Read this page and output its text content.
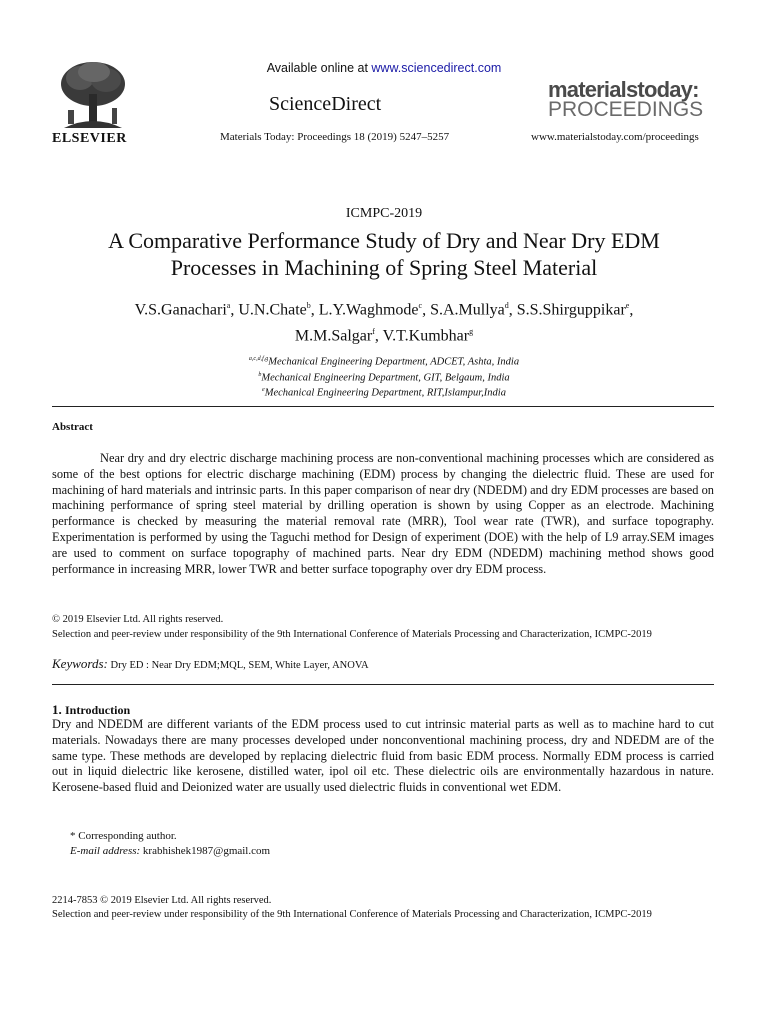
ELSEVIER
Available online at www.sciencedirect.com
ScienceDirect
Materials Today: Proceedings 18 (2019) 5247–5257
materialstoday:
PROCEEDINGS
www.materialstoday.com/proceedings
ICMPC-2019
A Comparative Performance Study of Dry and Near Dry EDM
Processes in Machining of Spring Steel Material
V.S.Ganachari$^a$, U.N.Chate$^b$, L.Y.Waghmode$^c$, S.A.Mullya$^d$, S.S.Shirguppikar$^e$,
M.M.Salgar$^f$, V.T.Kumbhar$^g$
$^{a,c,d,f,g}$Mechanical Engineering Department, ADCET, Ashta, India
$^b$Mechanical Engineering Department, GIT, Belgaum, India
$^e$Mechanical Engineering Department, RIT,Islampur,India
Abstract
Near dry and dry electric discharge machining process are non-conventional machining processes which are considered as some of the best options for electric discharge machining (EDM) process by changing the dielectric fluid. These are used for machining of hard materials and intrinsic parts. In this paper comparison of near dry (NDEDM) and dry EDM processes are based on machining performance of spring steel material by drilling operation is shown by using Copper as an electrode. Machining performance is checked by measuring the material removal rate (MRR), Tool wear rate (TWR), and surface topography. Experimentation is performed by using the Taguchi method for Design of experiment (DOE) with the help of L9 array.SEM images are used to comment on surface topography of machined parts. Near dry EDM (NDEDM) machining method shows good performance in increasing MRR, lower TWR and better surface topography over dry EDM process.
© 2019 Elsevier Ltd. All rights reserved.
Selection and peer-review under responsibility of the 9th International Conference of Materials Processing and Characterization, ICMPC-2019
Keywords: Dry ED : Near Dry EDM;MQL, SEM, White Layer, ANOVA
1. Introduction
Dry and NDEDM are different variants of the EDM process used to cut intrinsic material parts as well as to machine hard to cut materials. Nowadays there are many processes developed under nonconventional machining process, dry and NDEDM are of the same type. These methods are developed by replacing dielectric fluid from basic EDM process. Normally EDM process is carried out in liquid dielectric like kerosene, distilled water, ipol oil etc. These dielectric oils are environmentally hazardous in nature. Kerosene-based fluid and Deionized water are usually used dielectric fluids in conventional wet EDM.
* Corresponding author.
E-mail address: krabhishek1987@gmail.com
2214-7853 © 2019 Elsevier Ltd. All rights reserved.
Selection and peer-review under responsibility of the 9th International Conference of Materials Processing and Characterization, ICMPC-2019
